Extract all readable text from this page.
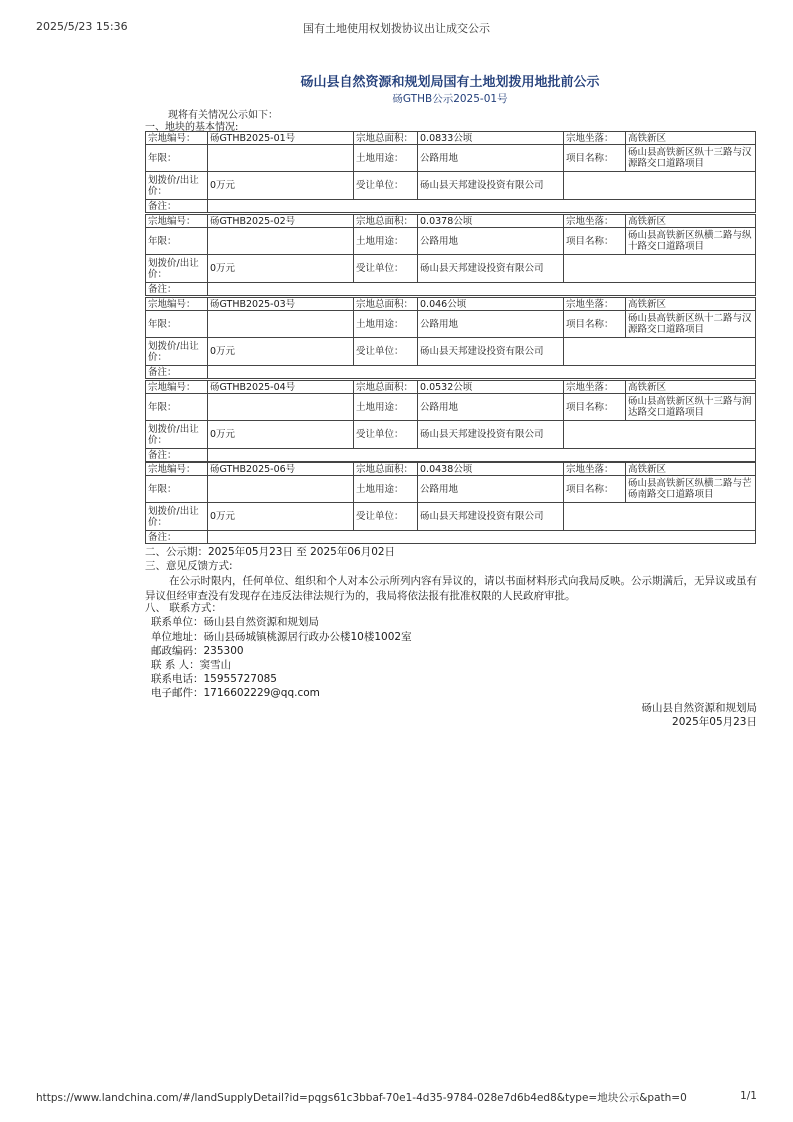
2025/5/23 15:36	国有土地使用权划拨协议出让成交公示
砀山县自然资源和规划局国有土地划拨用地批前公示
砀GTHB公示2025-01号
现将有关情况公示如下：
一、地块的基本情况:
宗地编号：	砀GTHB2025-01号	宗地总面积：	0.0833公顷	宗地坐落：	高铁新区
年限：		土地用途：	公路用地	项目名称：	砀山县高铁新区纵十三路与汉源路交口道路项目
划拨价/出让价：	0万元	受让单位：	砀山县天邦建设投资有限公司		
备注：					
宗地编号：	砀GTHB2025-02号	宗地总面积：	0.0378公顷	宗地坐落：	高铁新区
年限：		土地用途：	公路用地	项目名称：	砀山县高铁新区纵横二路与纵十路交口道路项目
划拨价/出让价：	0万元	受让单位：	砀山县天邦建设投资有限公司		
备注：					
宗地编号：	砀GTHB2025-03号	宗地总面积：	0.046公顷	宗地坐落：	高铁新区
年限：		土地用途：	公路用地	项目名称：	砀山县高铁新区纵十二路与汉源路交口道路项目
划拨价/出让价：	0万元	受让单位：	砀山县天邦建设投资有限公司		
备注：					
宗地编号：	砀GTHB2025-04号	宗地总面积：	0.0532公顷	宗地坐落：	高铁新区
年限：		土地用途：	公路用地	项目名称：	砀山县高铁新区纵十三路与润达路交口道路项目
划拨价/出让价：	0万元	受让单位：	砀山县天邦建设投资有限公司		
备注：					
宗地编号：	砀GTHB2025-06号	宗地总面积：	0.0438公顷	宗地坐落：	高铁新区
年限：		土地用途：	公路用地	项目名称：	砀山县高铁新区纵横二路与芒砀南路交口道路项目
划拨价/出让价：	0万元	受让单位：	砀山县天邦建设投资有限公司		
备注：					
二、公示期：2025年05月23日 至 2025年06月02日
三、意见反馈方式:
在公示时限内，任何单位、组织和个人对本公示所列内容有异议的，请以书面材料形式向我局反映。公示期满后，无异议或虽有异议但经审查没有发现存在违反法律法规行为的，我局将依法报有批准权限的人民政府审批。
八、 联系方式：
联系单位：砀山县自然资源和规划局
单位地址：砀山县砀城镇桃源居行政办公楼10楼1002室
邮政编码：235300
联 系 人：窦雪山
联系电话：15955727085
电子邮件：1716602229@qq.com
砀山县自然资源和规划局
2025年05月23日
https://www.landchina.com/#/landSupplyDetail?id=pqgs61c3bbaf-70e1-4d35-9784-028e7d6b4ed8&type=地块公示&path=0	1/1
